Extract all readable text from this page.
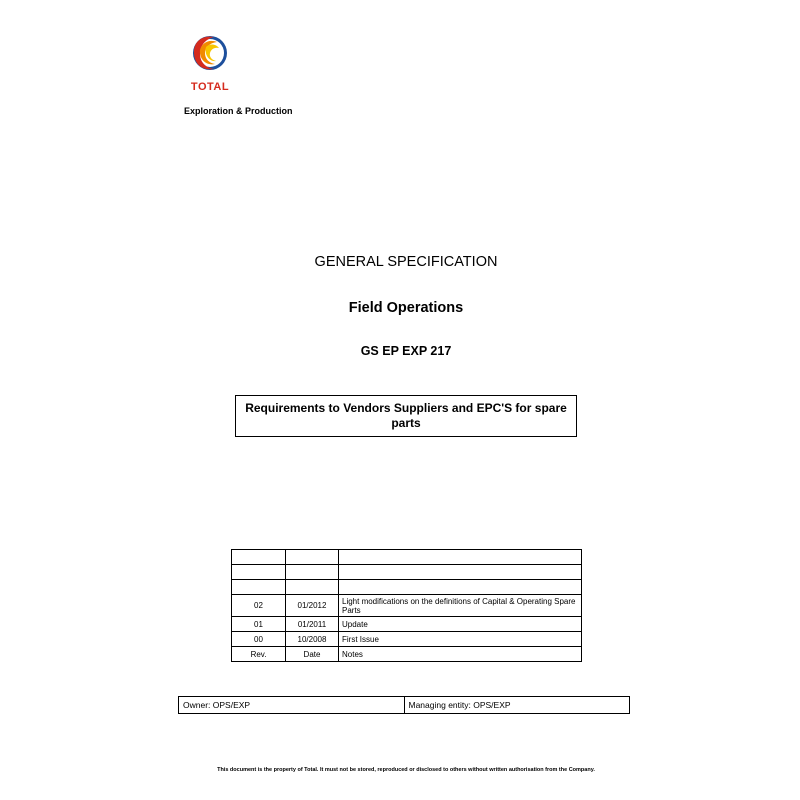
TOTAL
Exploration & Production
GENERAL SPECIFICATION
Field Operations
GS EP EXP 217
Requirements to Vendors Suppliers and EPC'S for spare parts

02	01/2012	Light modifications on the definitions of Capital & Operating Spare Parts
01	01/2011	Update
00	10/2008	First Issue
Rev.	Date	Notes
Owner: OPS/EXP	Managing entity: OPS/EXP
This document is the property of Total. It must not be stored, reproduced or disclosed to others without written authorisation from the Company.
